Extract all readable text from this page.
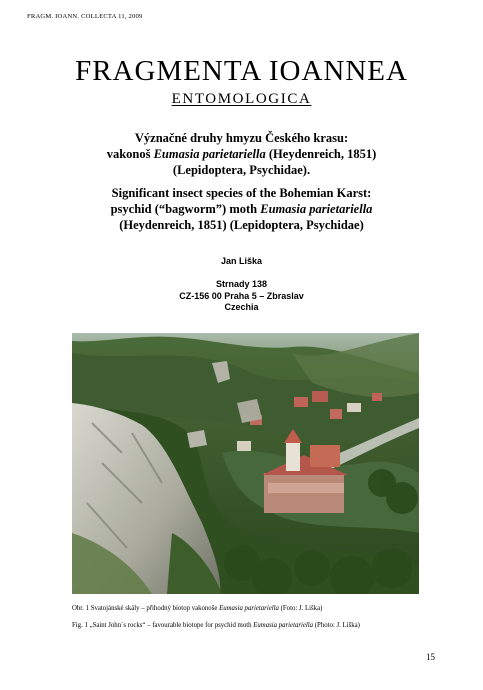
FRAGM. IOANN. COLLECTA 11, 2009
FRAGMENTA IOANNEA
ENTOMOLOGICA
Význačné druhy hmyzu Českého krasu:
vakonoš Eumasia parietariella (Heydenreich, 1851)
(Lepidoptera, Psychidae).
Significant insect species of the Bohemian Karst:
psychid (“bagworm”) moth Eumasia parietariella
(Heydenreich, 1851) (Lepidoptera, Psychidae)
Jan Liška
Strnady 138
CZ-156 00 Praha 5 – Zbraslav
Czechia
Obr. 1 Svatojánské skály – přihodný biotop vakonoše Eumasia parietariella (Foto: J. Liška)
Fig. 1 „Saint John´s rocks“ – favourable biotope for psychid moth Eumasia parietariella (Photo: J. Liška)
15
